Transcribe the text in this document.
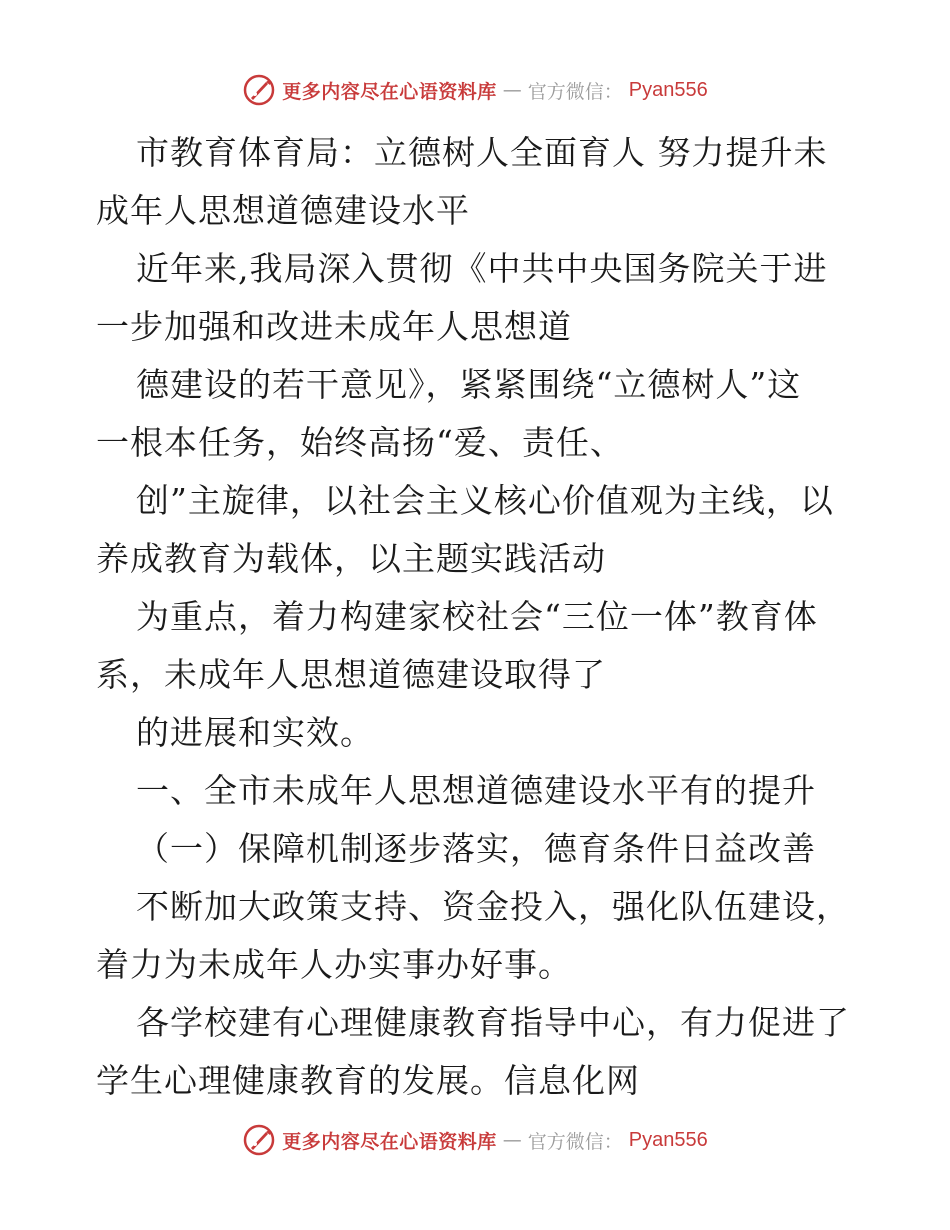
更多内容尽在心语资料库 — 官方微信： Pyan556
市教育体育局：立德树人全面育人 努力提升未
成年人思想道德建设水平
近年来,我局深入贯彻《中共中央国务院关于进
一步加强和改进未成年人思想道
德建设的若干意见》，紧紧围绕“立德树人”这
一根本任务，始终高扬“爱、责任、
创”主旋律，以社会主义核心价值观为主线，以
养成教育为载体，以主题实践活动
为重点，着力构建家校社会“三位一体”教育体
系，未成年人思想道德建设取得了
的进展和实效。
一、全市未成年人思想道德建设水平有的提升
（一）保障机制逐步落实，德育条件日益改善
不断加大政策支持、资金投入，强化队伍建设，
着力为未成年人办实事办好事。
各学校建有心理健康教育指导中心，有力促进了
学生心理健康教育的发展。信息化网
更多内容尽在心语资料库 — 官方微信： Pyan556
